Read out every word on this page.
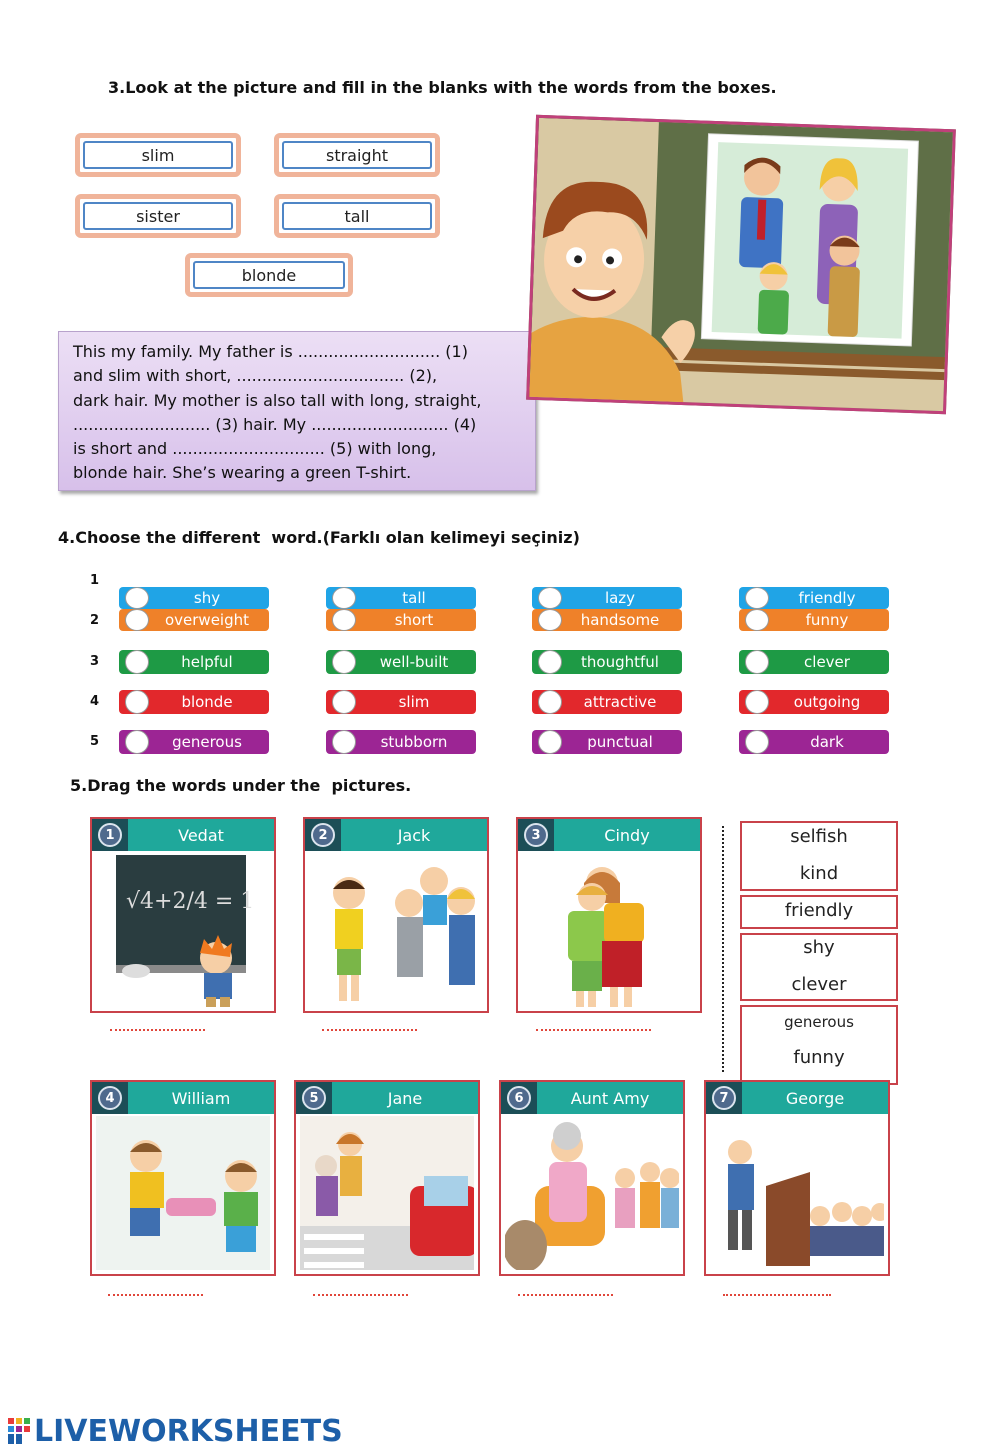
3.Look at the picture and fill in the blanks with the words from the boxes.
slim	straight
sister	tall
blonde
This my family. My father is ............................ (1)
and slim with short, ................................. (2),
dark hair. My mother is also tall with long, straight,
........................... (3) hair. My ........................... (4)
is short and .............................. (5) with long,
blonde hair. She’s wearing a green T-shirt.
4.Choose the different  word.(Farklı olan kelimeyi seçiniz)
1
2
3
4
5
shy	tall	lazy	friendly
overweight	short	handsome	funny
helpful	well-built	thoughtful	clever
blonde	slim	attractive	outgoing
generous	stubborn	punctual	dark
5.Drag the words under the  pictures.
1	Vedat
√4+2/4 = 1
2	Jack	3	Cindy	selfish
kind
friendly
shy
clever
generous
funny
4	William	5	Jane	6	Aunt Amy	7	George
LIVEWORKSHEETS
